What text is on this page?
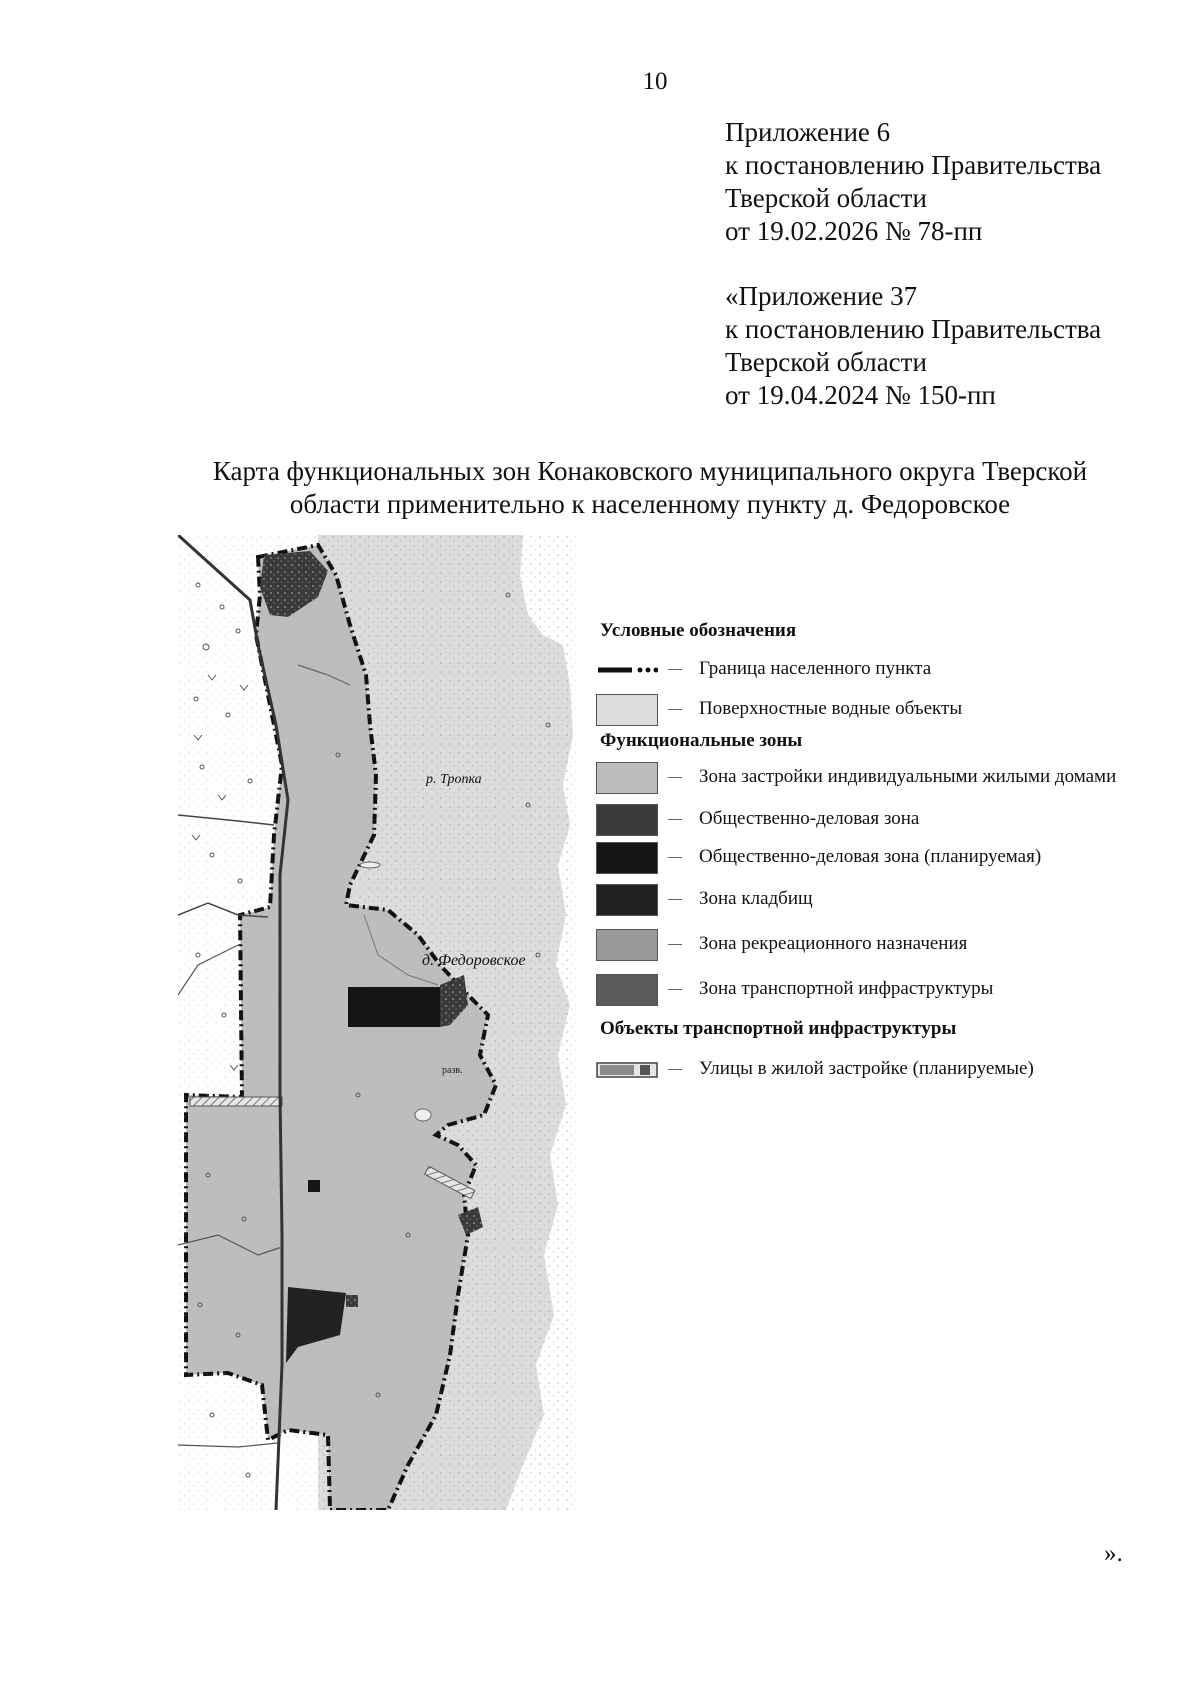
10
Приложение 6
к постановлению Правительства
Тверской области
от 19.02.2026 № 78-пп
«Приложение 37
к постановлению Правительства
Тверской области
от 19.04.2024 № 150-пп
Карта функциональных зон Конаковского муниципального округа Тверской
области применительно к населенному пункту д. Федоровское
р. Тропка
д. Федоровское
разв.
Условные обозначения
Граница населенного пункта
Поверхностные водные объекты
Функциональные зоны
Зона застройки индивидуальными жилыми домами
Общественно-деловая зона
Общественно-деловая зона (планируемая)
Зона кладбищ
Зона рекреационного назначения
Зона транспортной инфраструктуры
Объекты транспортной инфраструктуры
Улицы в жилой застройке (планируемые)
».
